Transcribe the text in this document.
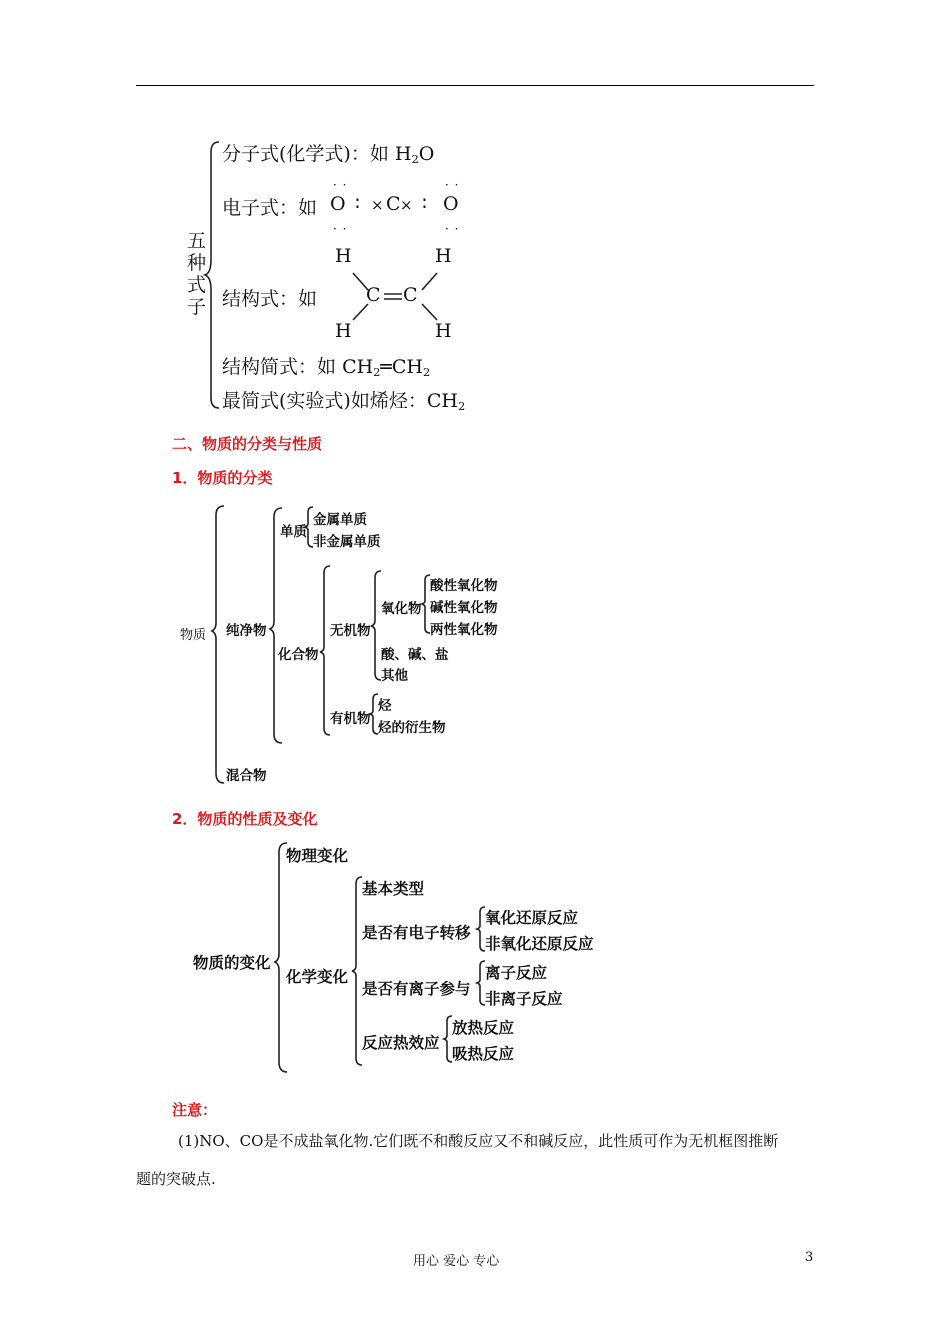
五
种
式
子
分子式(化学式)：如 $H_2O$
电子式：如
· ·
· ·
O ∶ × C × ∶
· ·
· ·
O
结构式：如
H	H
H	H
C C
结构简式：如 $CH_2═CH_2$
最简式(实验式)如烯烃：$CH_2$
二、物质的分类与性质
1．物质的分类
物质 纯净物
混合物
单质
金属单质
非金属单质
化合物
无机物
氧化物
酸性氧化物
碱性氧化物
两性氧化物
酸、碱、盐
其他
有机物
烃
烃的衍生物
2．物质的性质及变化
物质的变化
物理变化
化学变化
基本类型
是否有电子转移
氧化还原反应
非氧化还原反应
是否有离子参与
离子反应
非离子反应
反应热效应
放热反应
吸热反应
注意：
(1)NO、CO是不成盐氧化物.它们既不和酸反应又不和碱反应，此性质可作为无机框图推断
题的突破点.
用心 爱心 专心	3
